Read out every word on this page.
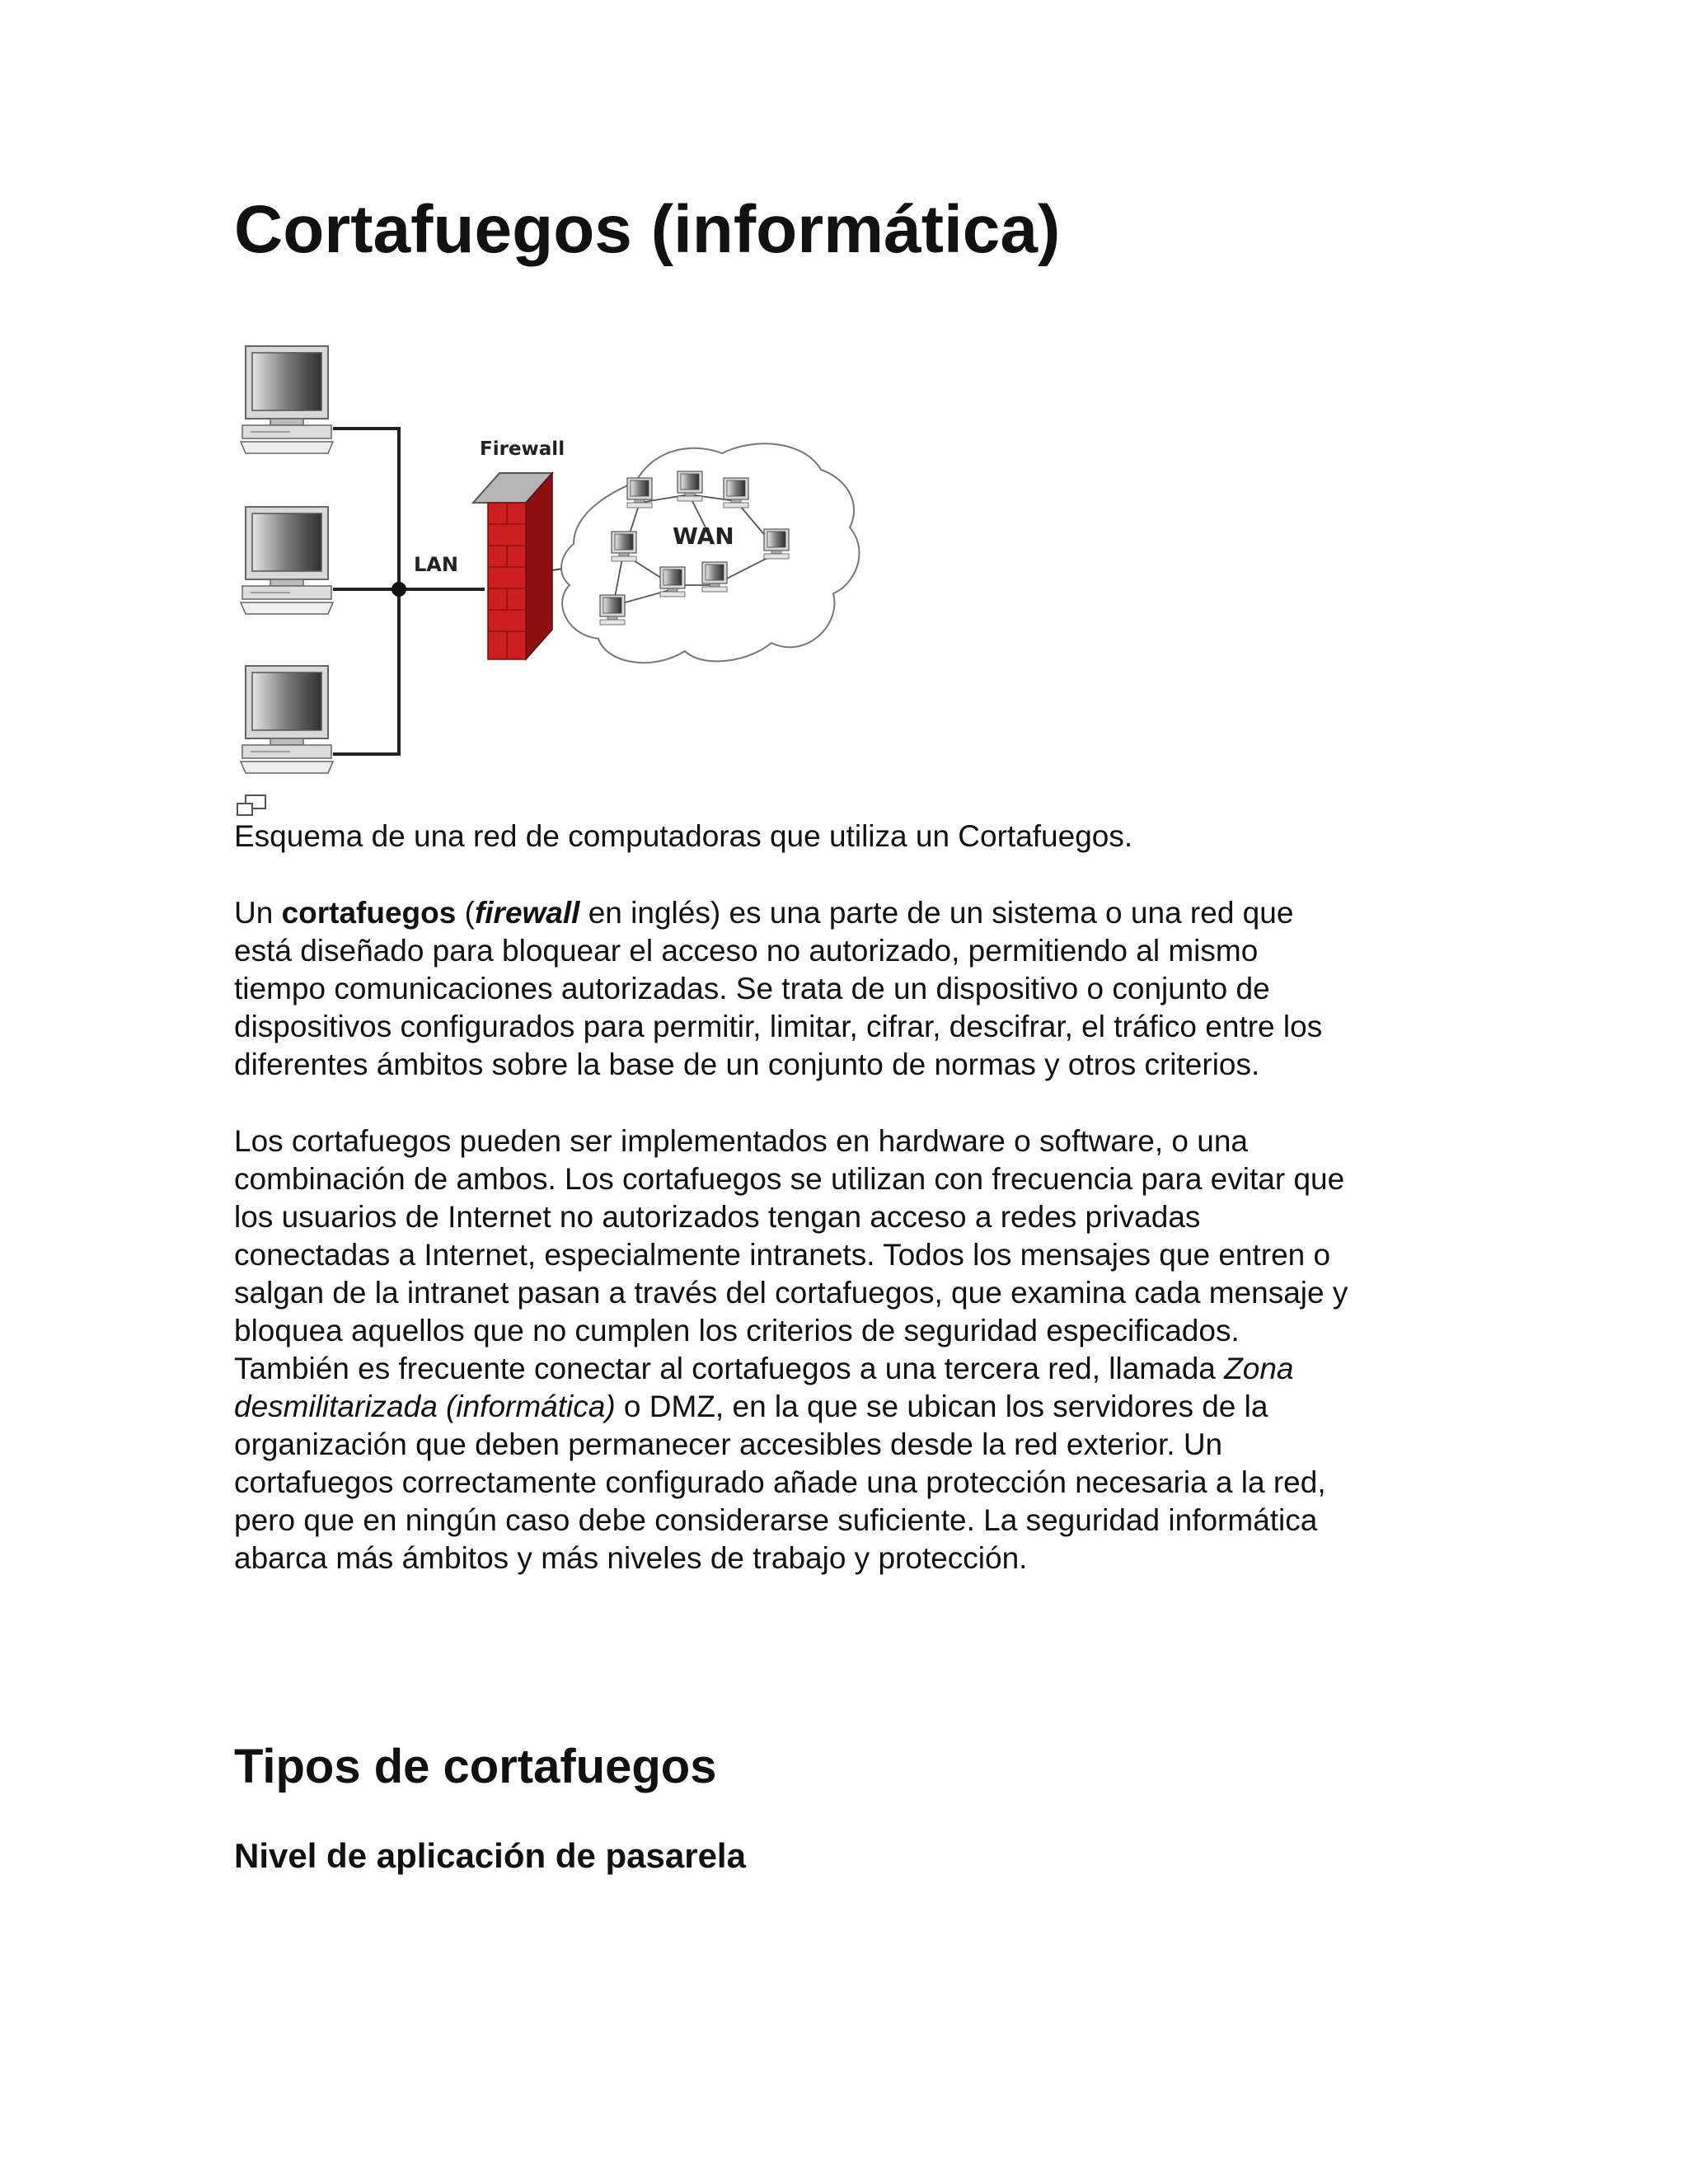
Cortafuegos (informática)
LAN
Firewall
WAN

Esquema de una red de computadoras que utiliza un Cortafuegos.

Un cortafuegos (firewall en inglés) es una parte de un sistema o una red que
está diseñado para bloquear el acceso no autorizado, permitiendo al mismo
tiempo comunicaciones autorizadas. Se trata de un dispositivo o conjunto de
dispositivos configurados para permitir, limitar, cifrar, descifrar, el tráfico entre los
diferentes ámbitos sobre la base de un conjunto de normas y otros criterios.

Los cortafuegos pueden ser implementados en hardware o software, o una
combinación de ambos. Los cortafuegos se utilizan con frecuencia para evitar que
los usuarios de Internet no autorizados tengan acceso a redes privadas
conectadas a Internet, especialmente intranets. Todos los mensajes que entren o
salgan de la intranet pasan a través del cortafuegos, que examina cada mensaje y
bloquea aquellos que no cumplen los criterios de seguridad especificados.
También es frecuente conectar al cortafuegos a una tercera red, llamada Zona
desmilitarizada (informática) o DMZ, en la que se ubican los servidores de la
organización que deben permanecer accesibles desde la red exterior. Un
cortafuegos correctamente configurado añade una protección necesaria a la red,
pero que en ningún caso debe considerarse suficiente. La seguridad informática
abarca más ámbitos y más niveles de trabajo y protección.

Tipos de cortafuegos
Nivel de aplicación de pasarela
